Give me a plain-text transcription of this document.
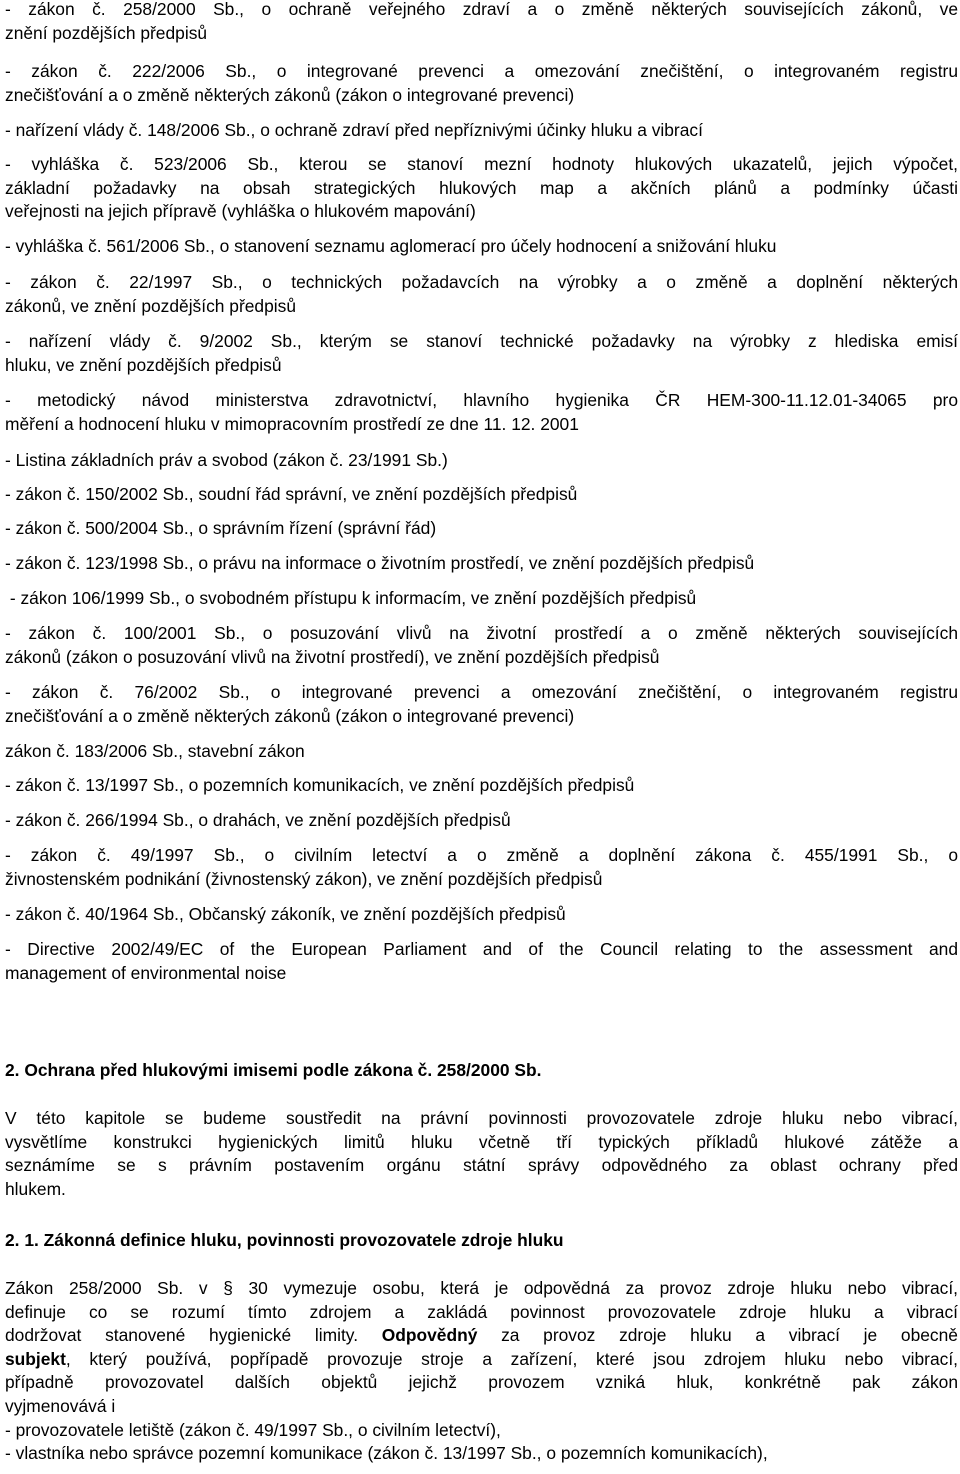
- zákon č. 258/2000 Sb., o ochraně veřejného zdraví a o změně některých souvisejících zákonů, ve
znění pozdějších předpisů
- zákon č. 222/2006 Sb., o integrované prevenci a omezování znečištění, o integrovaném registru
znečišťování a o změně některých zákonů (zákon o integrované prevenci)
- nařízení vlády č. 148/2006 Sb., o ochraně zdraví před nepříznivými účinky hluku a vibrací
- vyhláška č. 523/2006 Sb., kterou se stanoví mezní hodnoty hlukových ukazatelů, jejich výpočet,
základní požadavky na obsah strategických hlukových map a akčních plánů a podmínky účasti
veřejnosti na jejich přípravě (vyhláška o hlukovém mapování)
- vyhláška č. 561/2006 Sb., o stanovení seznamu aglomerací pro účely hodnocení a snižování hluku
- zákon č. 22/1997 Sb., o technických požadavcích na výrobky a o změně a doplnění některých
zákonů, ve znění pozdějších předpisů
- nařízení vlády č. 9/2002 Sb., kterým se stanoví technické požadavky na výrobky z hlediska emisí
hluku, ve znění pozdějších předpisů
- metodický návod ministerstva zdravotnictví, hlavního hygienika ČR HEM-300-11.12.01-34065 pro
měření a hodnocení hluku v mimopracovním prostředí ze dne 11. 12. 2001
- Listina základních práv a svobod (zákon č. 23/1991 Sb.)
- zákon č. 150/2002 Sb., soudní řád správní, ve znění pozdějších předpisů
- zákon č. 500/2004 Sb., o správním řízení (správní řád)
- zákon č. 123/1998 Sb., o právu na informace o životním prostředí, ve znění pozdějších předpisů
- zákon 106/1999 Sb., o svobodném přístupu k informacím, ve znění pozdějších předpisů
- zákon č. 100/2001 Sb., o posuzování vlivů na životní prostředí a o změně některých souvisejících
zákonů (zákon o posuzování vlivů na životní prostředí), ve znění pozdějších předpisů
- zákon č. 76/2002 Sb., o integrované prevenci a omezování znečištění, o integrovaném registru
znečišťování a o změně některých zákonů (zákon o integrované prevenci)
zákon č. 183/2006 Sb., stavební zákon
- zákon č. 13/1997 Sb., o pozemních komunikacích, ve znění pozdějších předpisů
- zákon č. 266/1994 Sb., o drahách, ve znění pozdějších předpisů
- zákon č. 49/1997 Sb., o civilním letectví a o změně a doplnění zákona č. 455/1991 Sb., o
živnostenském podnikání (živnostenský zákon), ve znění pozdějších předpisů
- zákon č. 40/1964 Sb., Občanský zákoník, ve znění pozdějších předpisů
- Directive 2002/49/EC of the European Parliament and of the Council relating to the assessment and
management of environmental noise

2. Ochrana před hlukovými imisemi podle zákona č. 258/2000 Sb.

V této kapitole se budeme soustředit na právní povinnosti provozovatele zdroje hluku nebo vibrací,
vysvětlíme konstrukci hygienických limitů hluku včetně tří typických příkladů hlukové zátěže a
seznámíme se s právním postavením orgánu státní správy odpovědného za oblast ochrany před
hlukem.

2. 1. Zákonná definice hluku, povinnosti provozovatele zdroje hluku

Zákon 258/2000 Sb. v § 30 vymezuje osobu, která je odpovědná za provoz zdroje hluku nebo vibrací,
definuje co se rozumí tímto zdrojem a zakládá povinnost provozovatele zdroje hluku a vibrací
dodržovat stanovené hygienické limity. Odpovědný za provoz zdroje hluku a vibrací je obecně
subjekt, který používá, popřípadě provozuje stroje a zařízení, které jsou zdrojem hluku nebo vibrací,
případně provozovatel dalších objektů jejichž provozem vzniká hluk, konkrétně pak zákon
vyjmenovává i
- provozovatele letiště (zákon č. 49/1997 Sb., o civilním letectví),
- vlastníka nebo správce pozemní komunikace (zákon č. 13/1997 Sb., o pozemních komunikacích),
